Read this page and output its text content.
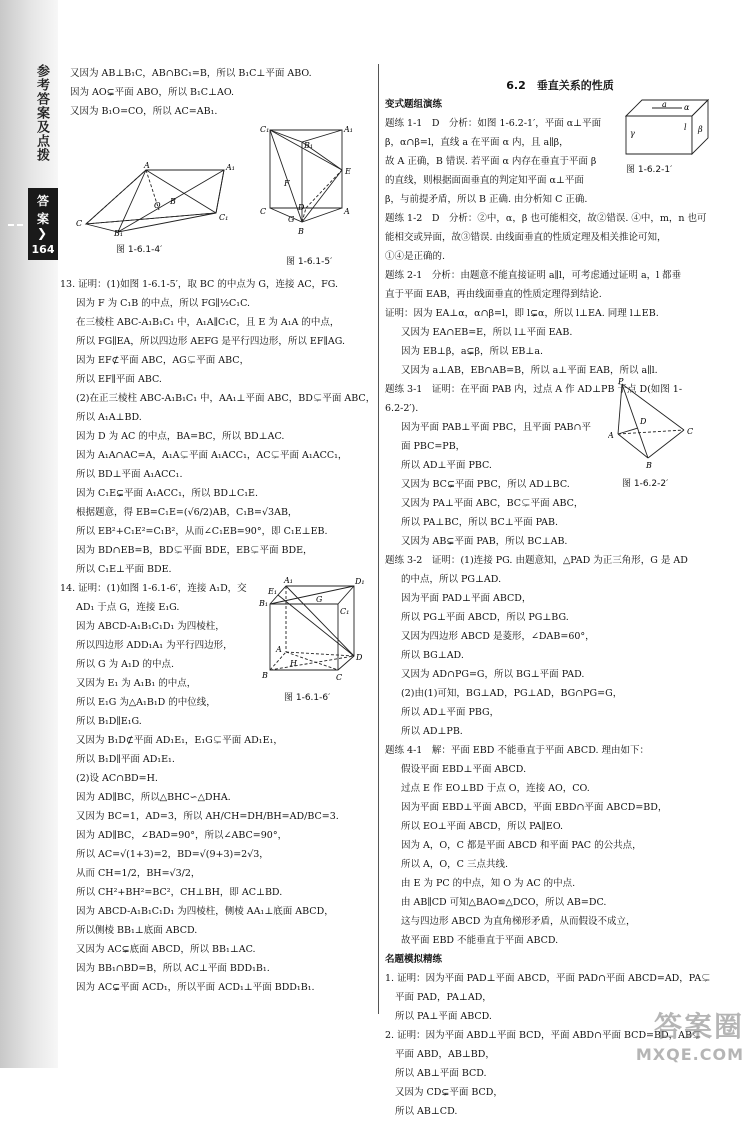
参考答案及点拨
答
案
❯
164

又因为 AB⊥B₁C，AB∩BC₁=B，所以 B₁C⊥平面 ABO.

因为 AO⊊平面 ABO，所以 B₁C⊥AO.

又因为 B₁O=CO，所以 AC=AB₁.

13. 证明：(1)如图 1-6.1-5′，取 BC 的中点为 G，连接 AC，FG.

因为 F 为 C₁B 的中点，所以 FG∥½C₁C.

在三棱柱 ABC-A₁B₁C₁ 中，A₁A∥C₁C，且 E 为 A₁A 的中点，

所以 FG∥EA，所以四边形 AEFG 是平行四边形，所以 EF∥AG.

因为 EF⊄平面 ABC，AG⊊平面 ABC，

所以 EF∥平面 ABC.

(2)在正三棱柱 ABC-A₁B₁C₁ 中，AA₁⊥平面 ABC，BD⊊平面 ABC，

所以 A₁A⊥BD.

因为 D 为 AC 的中点，BA=BC，所以 BD⊥AC.

因为 A₁A∩AC=A，A₁A⊊平面 A₁ACC₁，AC⊊平面 A₁ACC₁，

所以 BD⊥平面 A₁ACC₁.

因为 C₁E⊊平面 A₁ACC₁，所以 BD⊥C₁E.

根据题意，得 EB=C₁E=(√6/2)AB，C₁B=√3AB，

所以 EB²+C₁E²=C₁B²，从而∠C₁EB=90°，即 C₁E⊥EB.

因为 BD∩EB=B，BD⊊平面 BDE，EB⊊平面 BDE，

所以 C₁E⊥平面 BDE.

14. 证明：(1)如图 1-6.1-6′，连接 A₁D，交

AD₁ 于点 G，连接 E₁G.

因为 ABCD-A₁B₁C₁D₁ 为四棱柱，

所以四边形 ADD₁A₁ 为平行四边形，

所以 G 为 A₁D 的中点.

又因为 E₁ 为 A₁B₁ 的中点，

所以 E₁G 为△A₁B₁D 的中位线，

所以 B₁D∥E₁G.

又因为 B₁D⊄平面 AD₁E₁，E₁G⊊平面 AD₁E₁，

所以 B₁D∥平面 AD₁E₁.

(2)设 AC∩BD=H.

因为 AD∥BC，所以△BHC∽△DHA.

又因为 BC=1，AD=3，所以 AH/CH=DH/BH=AD/BC=3.

因为 AD∥BC，∠BAD=90°，所以∠ABC=90°，

所以 AC=√(1+3)=2，BD=√(9+3)=2√3，

从而 CH=1/2，BH=√3/2，

所以 CH²+BH²=BC²，CH⊥BH，即 AC⊥BD.

因为 ABCD-A₁B₁C₁D₁ 为四棱柱，侧棱 AA₁⊥底面 ABCD，

所以侧棱 BB₁⊥底面 ABCD.

又因为 AC⊊底面 ABCD，所以 BB₁⊥AC.

因为 BB₁∩BD=B，所以 AC⊥平面 BDD₁B₁.

因为 AC⊊平面 ACD₁，所以平面 ACD₁⊥平面 BDD₁B₁.

A	A₁
O
C
C₁
B
B₁
图 1-6.1-4′
C₁	A₁
B₁
F
E
C	D
G
A
B
图 1-6.1-5′
A₁	D₁
B₁
E₁
G
C₁
A
H
D
B	C
图 1-6.1-6′

6.2　垂直关系的性质

变式题组演练

题练 1-1　D　分析：如图 1-6.2-1′，平面 α⊥平面

β，α∩β=l，直线 a 在平面 α 内，且 a∥β，

故 A 正确，B 错误. 若平面 α 内存在垂直于平面 β

的直线，则根据面面垂直的判定知平面 α⊥平面

β，与前提矛盾，所以 B 正确. 由分析知 C 正确.

题练 1-2　D　分析：②中，α，β 也可能相交，故②错误. ④中，m，n 也可

能相交或异面，故③错误. 由线面垂直的性质定理及相关推论可知，

①④是正确的.

题练 2-1　分析：由题意不能直接证明 a∥l，可考虑通过证明 a，l 都垂

直于平面 EAB，再由线面垂直的性质定理得到结论.

证明：因为 EA⊥α，α∩β=l，即 l⊊α，所以 l⊥EA. 同理 l⊥EB.

又因为 EA∩EB=E，所以 l⊥平面 EAB.

因为 EB⊥β，a⊊β，所以 EB⊥a.

又因为 a⊥AB，EB∩AB=B，所以 a⊥平面 EAB，所以 a∥l.

题练 3-1　证明：在平面 PAB 内，过点 A 作 AD⊥PB 于点 D(如图 1-

6.2-2′).

因为平面 PAB⊥平面 PBC，且平面 PAB∩平

面 PBC=PB，

所以 AD⊥平面 PBC.

又因为 BC⊊平面 PBC，所以 AD⊥BC.

又因为 PA⊥平面 ABC，BC⊊平面 ABC，

所以 PA⊥BC，所以 BC⊥平面 PAB.

又因为 AB⊊平面 PAB，所以 BC⊥AB.

题练 3-2　证明：(1)连接 PG. 由题意知，△PAD 为正三角形，G 是 AD

的中点，所以 PG⊥AD.

因为平面 PAD⊥平面 ABCD，

所以 PG⊥平面 ABCD，所以 PG⊥BG.

又因为四边形 ABCD 是菱形，∠DAB=60°，

所以 BG⊥AD.

又因为 AD∩PG=G，所以 BG⊥平面 PAD.

(2)由(1)可知，BG⊥AD，PG⊥AD，BG∩PG=G，

所以 AD⊥平面 PBG，

所以 AD⊥PB.

题练 4-1　解：平面 EBD 不能垂直于平面 ABCD. 理由如下：

假设平面 EBD⊥平面 ABCD.

过点 E 作 EO⊥BD 于点 O，连接 AO，CO.

因为平面 EBD⊥平面 ABCD，平面 EBD∩平面 ABCD=BD，

所以 EO⊥平面 ABCD，所以 PA∥EO.

因为 A，O，C 都是平面 ABCD 和平面 PAC 的公共点，

所以 A，O，C 三点共线.

由 E 为 PC 的中点，知 O 为 AC 的中点.

由 AB∥CD 可知△BAO≌△DCO，所以 AB=DC.

这与四边形 ABCD 为直角梯形矛盾，从而假设不成立，

故平面 EBD 不能垂直于平面 ABCD.

名题模拟精练

1. 证明：因为平面 PAD⊥平面 ABCD，平面 PAD∩平面 ABCD=AD，PA⊊

平面 PAD，PA⊥AD，

所以 PA⊥平面 ABCD.

2. 证明：因为平面 ABD⊥平面 BCD，平面 ABD∩平面 BCD=BD，AB⊊

平面 ABD，AB⊥BD，

所以 AB⊥平面 BCD.

又因为 CD⊊平面 BCD，

所以 AB⊥CD.

α
γ	β
l
a
图 1-6.2-1′
P
D
A	C
B
图 1-6.2-2′
答案圈
MXQE.COM
